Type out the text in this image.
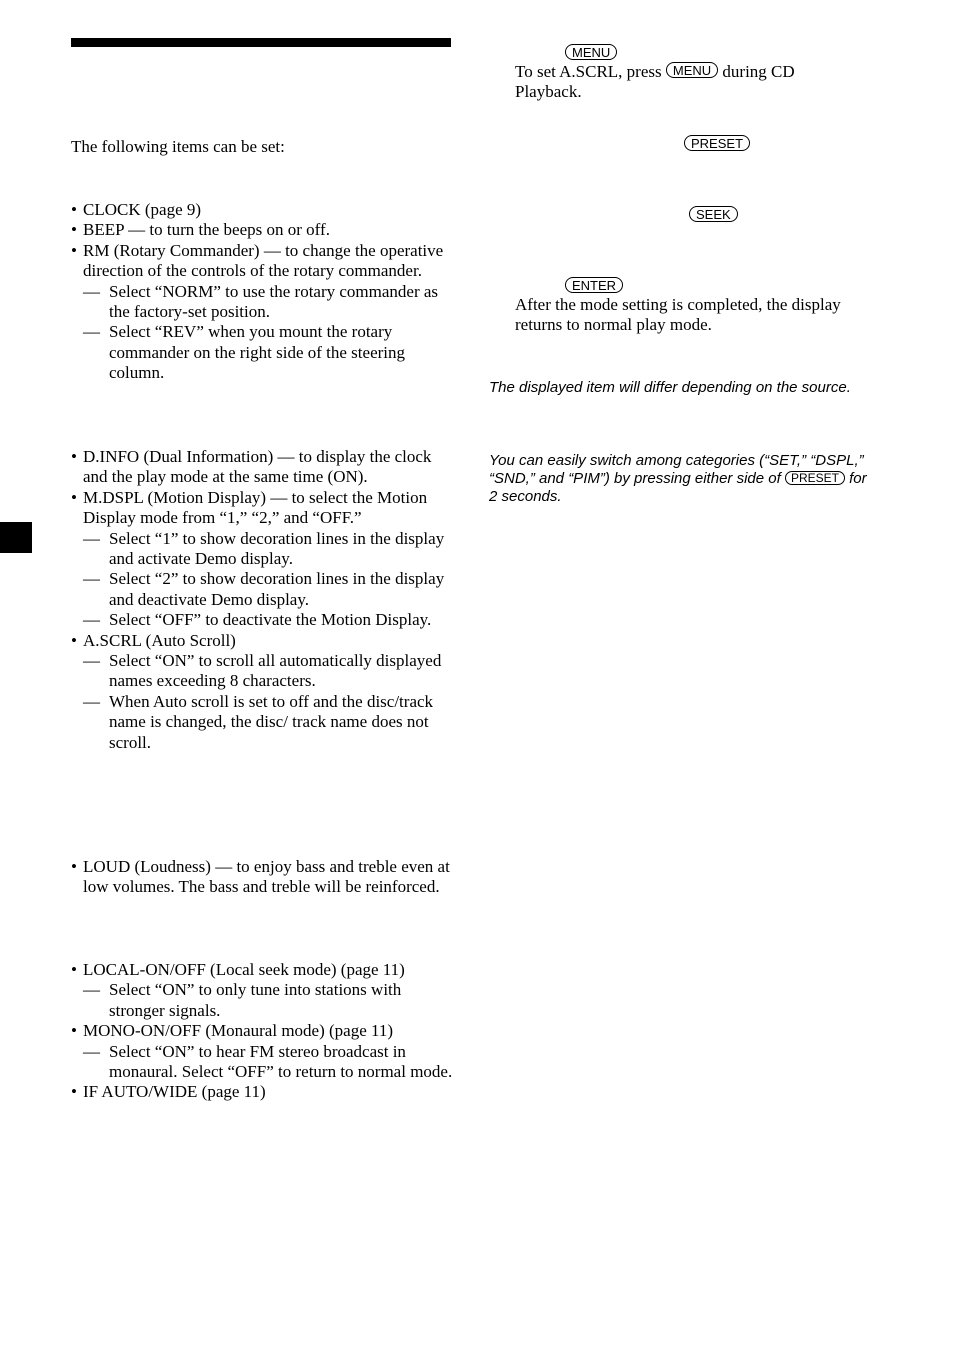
The following items can be set:
• CLOCK (page 9)
• BEEP — to turn the beeps on or off.
• RM (Rotary Commander) — to change the operative direction of the controls of the rotary commander.
— Select “NORM” to use the rotary commander as the factory-set position.
— Select “REV” when you mount the rotary commander on the right side of the steering column.
• D.INFO (Dual Information) — to display the clock and the play mode at the same time (ON).
• M.DSPL (Motion Display) — to select the Motion Display mode from “1,” “2,” and “OFF.”
— Select “1” to show decoration lines in the display and activate Demo display.
— Select “2” to show decoration lines in the display and deactivate Demo display.
— Select “OFF” to deactivate the Motion Display.
• A.SCRL (Auto Scroll)
— Select “ON” to scroll all automatically displayed names exceeding 8 characters.
— When Auto scroll is set to off and the disc/track name is changed, the disc/ track name does not scroll.
• LOUD (Loudness) — to enjoy bass and treble even at low volumes. The bass and treble will be reinforced.
• LOCAL-ON/OFF (Local seek mode) (page 11)
— Select “ON” to only tune into stations with stronger signals.
• MONO-ON/OFF (Monaural mode) (page 11)
— Select “ON” to hear FM stereo broadcast in monaural. Select “OFF” to return to normal mode.
• IF AUTO/WIDE (page 11)
MENU
To set A.SCRL, press MENU during CD
Playback.
PRESET
SEEK
ENTER
After the mode setting is completed, the display returns to normal play mode.
The displayed item will differ depending on the source.
You can easily switch among categories (“SET,” “DSPL,” “SND,” and “PIM”) by pressing either side of PRESET for 2 seconds.
